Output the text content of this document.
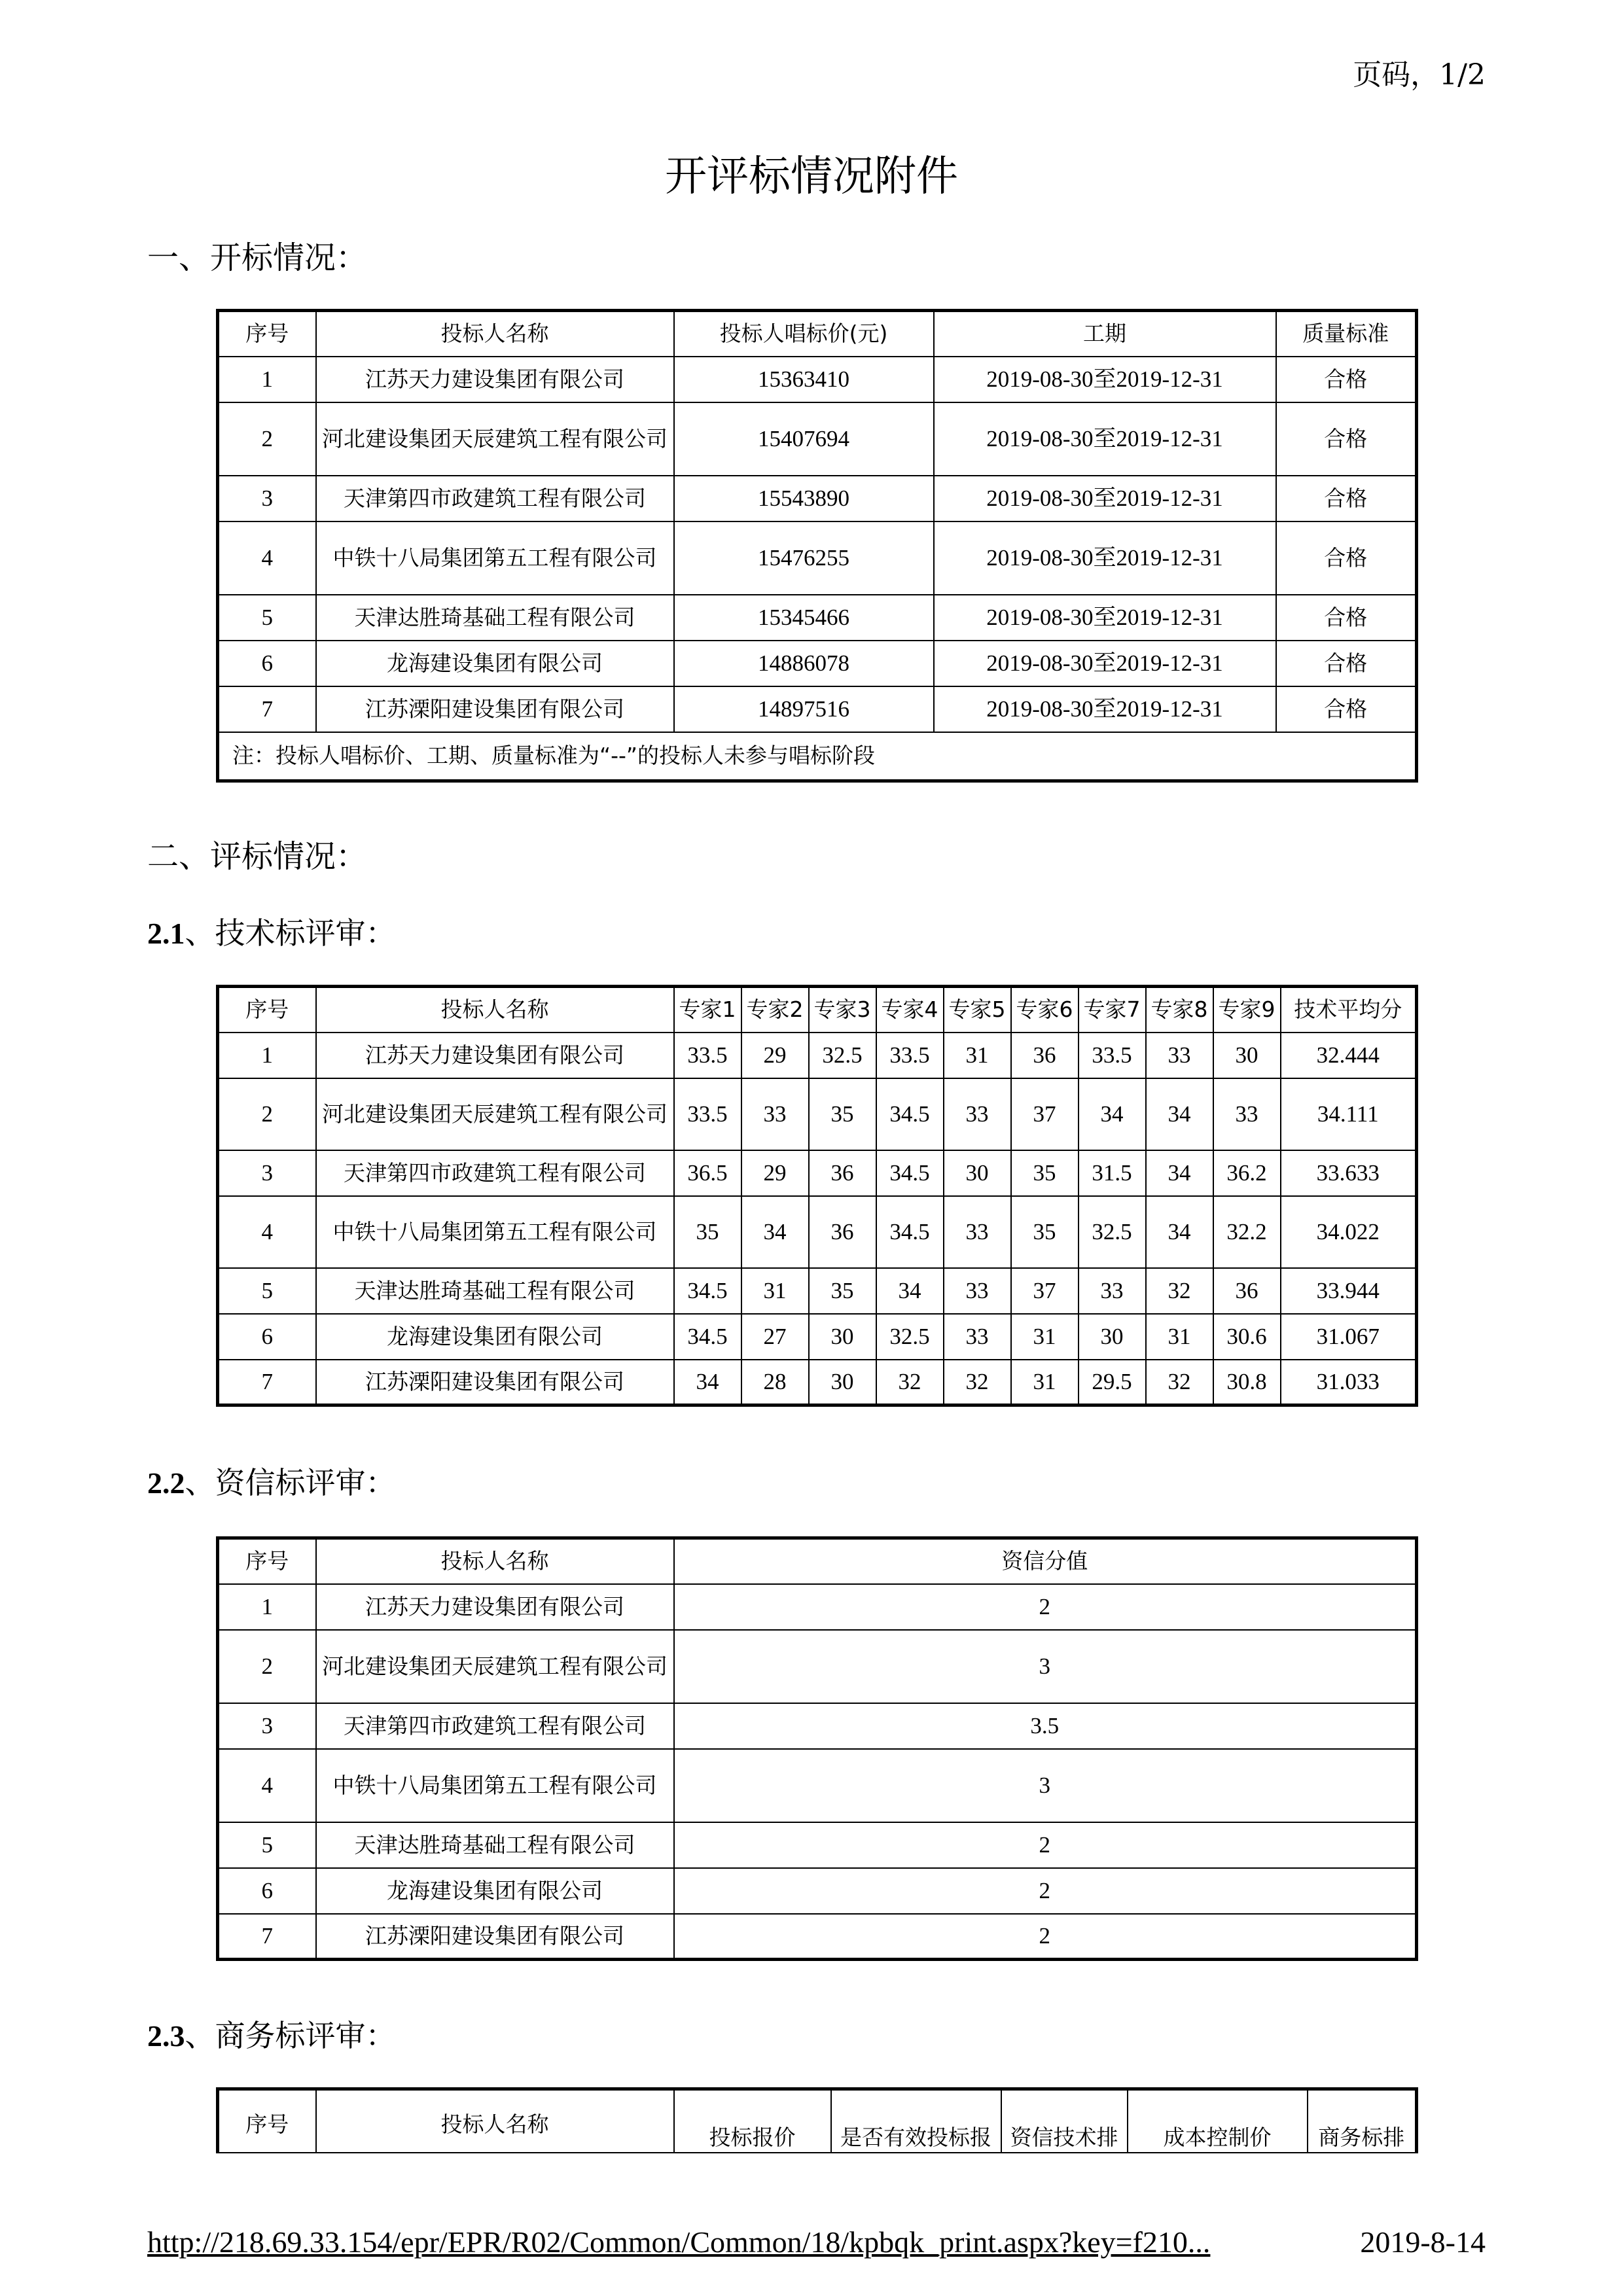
页码，1/2
开评标情况附件
一、开标情况：
序号	投标人名称	投标人唱标价(元)	工期	质量标准
1	江苏天力建设集团有限公司	15363410	2019-08-30至2019-12-31	合格
2	河北建设集团天辰建筑工程有限公司	15407694	2019-08-30至2019-12-31	合格
3	天津第四市政建筑工程有限公司	15543890	2019-08-30至2019-12-31	合格
4	中铁十八局集团第五工程有限公司	15476255	2019-08-30至2019-12-31	合格
5	天津达胜琦基础工程有限公司	15345466	2019-08-30至2019-12-31	合格
6	龙海建设集团有限公司	14886078	2019-08-30至2019-12-31	合格
7	江苏溧阳建设集团有限公司	14897516	2019-08-30至2019-12-31	合格
注：投标人唱标价、工期、质量标准为“--”的投标人未参与唱标阶段				
二、评标情况：
2.1、技术标评审：
序号	投标人名称	专家1	专家2	专家3	专家4	专家5	专家6	专家7	专家8	专家9	技术平均分
1	江苏天力建设集团有限公司	33.5	29	32.5	33.5	31	36	33.5	33	30	32.444
2	河北建设集团天辰建筑工程有限公司	33.5	33	35	34.5	33	37	34	34	33	34.111
3	天津第四市政建筑工程有限公司	36.5	29	36	34.5	30	35	31.5	34	36.2	33.633
4	中铁十八局集团第五工程有限公司	35	34	36	34.5	33	35	32.5	34	32.2	34.022
5	天津达胜琦基础工程有限公司	34.5	31	35	34	33	37	33	32	36	33.944
6	龙海建设集团有限公司	34.5	27	30	32.5	33	31	30	31	30.6	31.067
7	江苏溧阳建设集团有限公司	34	28	30	32	32	31	29.5	32	30.8	31.033
2.2、资信标评审：
序号	投标人名称	资信分值
1	江苏天力建设集团有限公司	2
2	河北建设集团天辰建筑工程有限公司	3
3	天津第四市政建筑工程有限公司	3.5
4	中铁十八局集团第五工程有限公司	3
5	天津达胜琦基础工程有限公司	2
6	龙海建设集团有限公司	2
7	江苏溧阳建设集团有限公司	2
2.3、商务标评审：
序号	投标人名称	投标报价	是否有效投标报	资信技术排	成本控制价	商务标排
http://218.69.33.154/epr/EPR/R02/Common/Common/18/kpbqk_print.aspx?key=f210...	2019-8-14
